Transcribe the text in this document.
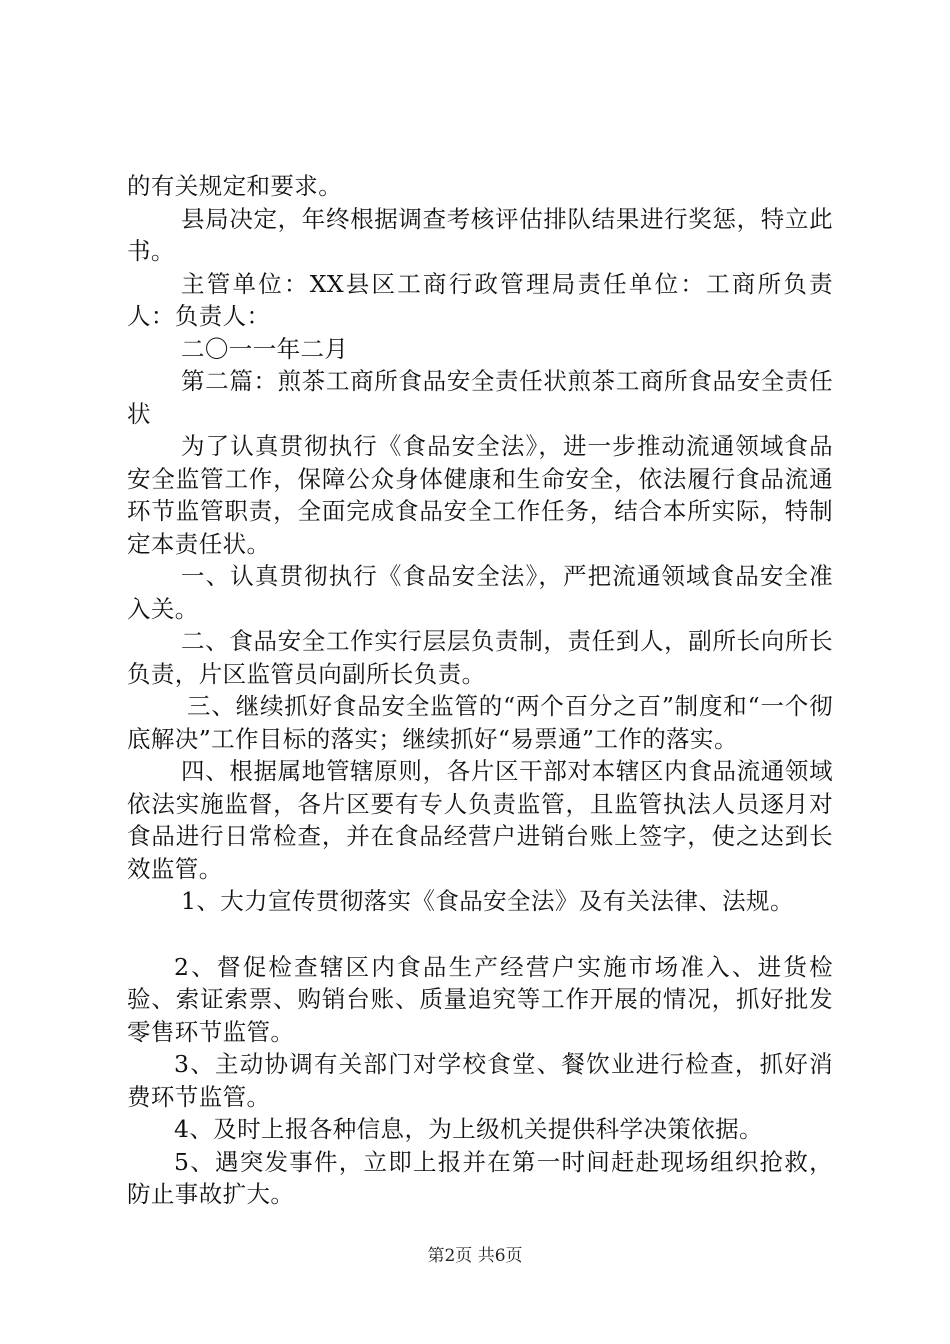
的有关规定和要求。

县局决定，年终根据调查考核评估排队结果进行奖惩，特立此书。

主管单位：XX县区工商行政管理局责任单位：工商所负责人：负责人：

二〇一一年二月

第二篇：煎茶工商所食品安全责任状煎茶工商所食品安全责任状

为了认真贯彻执行《食品安全法》，进一步推动流通领域食品安全监管工作，保障公众身体健康和生命安全，依法履行食品流通环节监管职责，全面完成食品安全工作任务，结合本所实际，特制定本责任状。

一、认真贯彻执行《食品安全法》，严把流通领域食品安全准入关。

二、食品安全工作实行层层负责制，责任到人，副所长向所长负责，片区监管员向副所长负责。

三、继续抓好食品安全监管的“两个百分之百”制度和“一个彻底解决”工作目标的落实；继续抓好“易票通”工作的落实。

四、根据属地管辖原则，各片区干部对本辖区内食品流通领域依法实施监督，各片区要有专人负责监管，且监管执法人员逐月对食品进行日常检查，并在食品经营户进销台账上签字，使之达到长效监管。

1、大力宣传贯彻落实《食品安全法》及有关法律、法规。

2、督促检查辖区内食品生产经营户实施市场准入、进货检验、索证索票、购销台账、质量追究等工作开展的情况，抓好批发零售环节监管。

3、主动协调有关部门对学校食堂、餐饮业进行检查，抓好消费环节监管。

4、及时上报各种信息，为上级机关提供科学决策依据。

5、遇突发事件，立即上报并在第一时间赶赴现场组织抢救，防止事故扩大。

第2页 共6页
